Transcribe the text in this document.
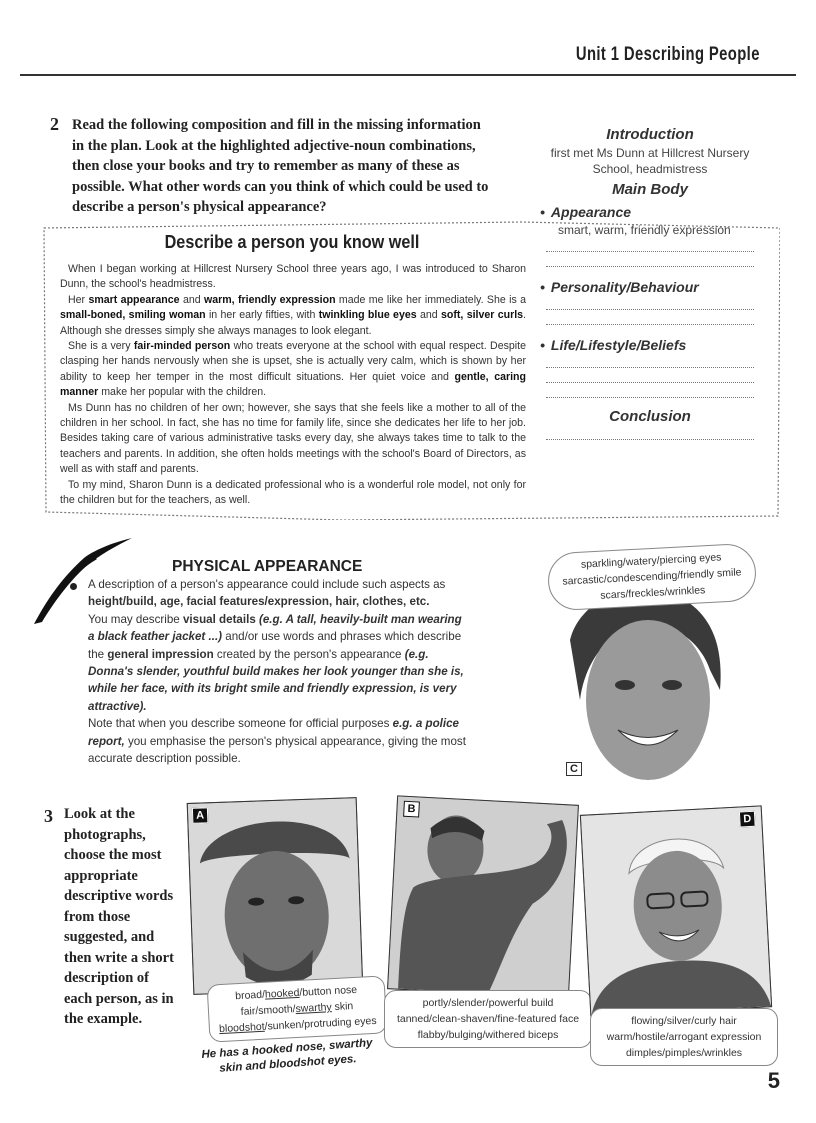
Unit 1 Describing People
2 Read the following composition and fill in the missing information in the plan. Look at the highlighted adjective-noun combinations, then close your books and try to remember as many of these as possible. What other words can you think of which could be used to describe a person's physical appearance?
Describe a person you know well

When I began working at Hillcrest Nursery School three years ago, I was introduced to Sharon Dunn, the school's headmistress.

Her smart appearance and warm, friendly expression made me like her immediately. She is a small-boned, smiling woman in her early fifties, with twinkling blue eyes and soft, silver curls. Although she dresses simply she always manages to look elegant.

She is a very fair-minded person who treats everyone at the school with equal respect. Despite clasping her hands nervously when she is upset, she is actually very calm, which is shown by her ability to keep her temper in the most difficult situations. Her quiet voice and gentle, caring manner make her popular with the children.

Ms Dunn has no children of her own; however, she says that she feels like a mother to all of the children in her school. In fact, she has no time for family life, since she dedicates her life to her job. Besides taking care of various administrative tasks every day, she always takes time to talk to the teachers and parents. In addition, she often holds meetings with the school's Board of Directors, as well as with staff and parents.

To my mind, Sharon Dunn is a dedicated professional who is a wonderful role model, not only for the children but for the teachers, as well.

Introduction
first met Ms Dunn at Hillcrest Nursery School, headmistress
Main Body
• Appearance
smart, warm, friendly expression
• Personality/Behaviour
• Life/Lifestyle/Beliefs
Conclusion
PHYSICAL APPEARANCE

A description of a person's appearance could include such aspects as height/build, age, facial features/expression, hair, clothes, etc.

You may describe visual details (e.g. A tall, heavily-built man wearing a black feather jacket ...) and/or use words and phrases which describe the general impression created by the person's appearance (e.g. Donna's slender, youthful build makes her look younger than she is, while her face, with its bright smile and friendly expression, is very attractive).

Note that when you describe someone for official purposes e.g. a police report, you emphasise the person's physical appearance, giving the most accurate description possible.

sparkling/watery/piercing eyes
sarcastic/condescending/friendly smile
scars/freckles/wrinkles
C
3 Look at the photographs, choose the most appropriate descriptive words from those suggested, and then write a short description of each person, as in the example.
A
broad/hooked/button nose
fair/smooth/swarthy skin
bloodshot/sunken/protruding eyes
He has a hooked nose, swarthy skin and bloodshot eyes.
B
portly/slender/powerful build
tanned/clean-shaven/fine-featured face
flabby/bulging/withered biceps
D
flowing/silver/curly hair
warm/hostile/arrogant expression
dimples/pimples/wrinkles
5
